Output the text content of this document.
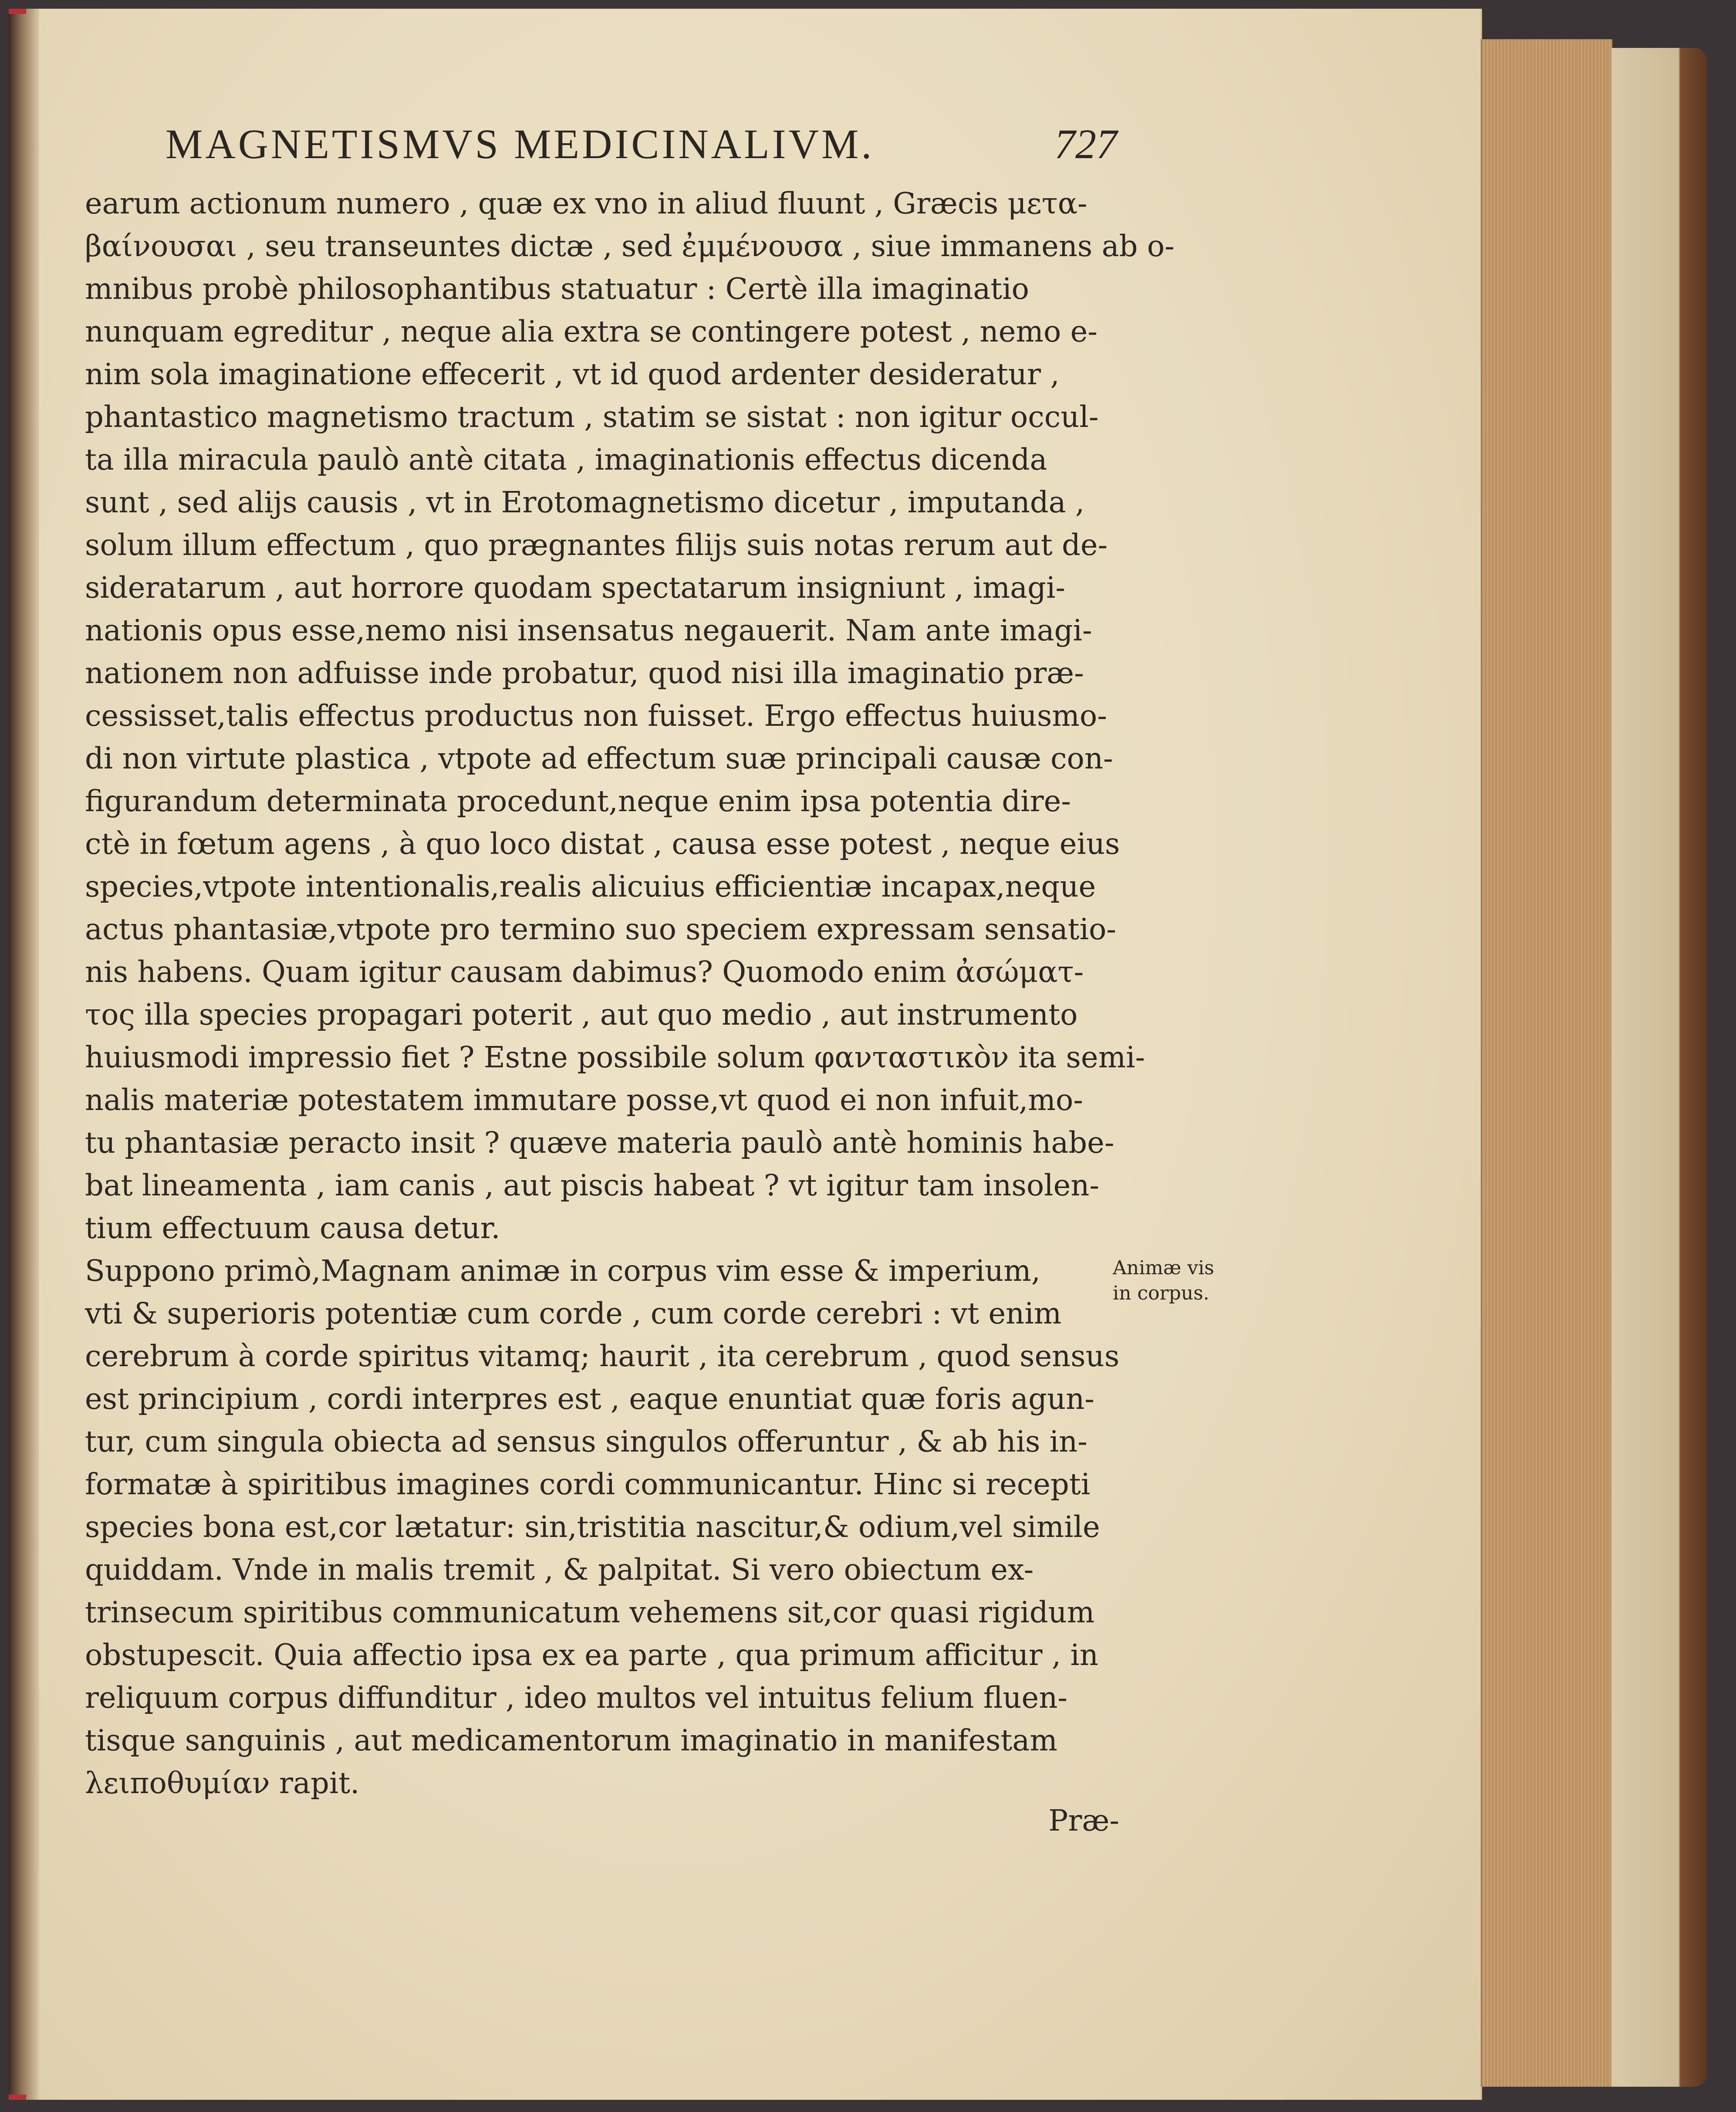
MAGNETISMVS MEDICINALIVM.	727
earum actionum numero , quæ ex vno in aliud fluunt , Græcis μετα-
βαίνουσαι , seu transeuntes dictæ , sed ἐμμένουσα , siue immanens ab o-
mnibus probè philosophantibus statuatur : Certè illa imaginatio
nunquam egreditur , neque alia extra se contingere potest , nemo e-
nim sola imaginatione effecerit , vt id quod ardenter desideratur ,
phantastico magnetismo tractum , statim se sistat : non igitur occul-
ta illa miracula paulò antè citata , imaginationis effectus dicenda
sunt , sed alijs causis , vt in Erotomagnetismo dicetur , imputanda ,
solum illum effectum , quo prægnantes filijs suis notas rerum aut de-
sideratarum , aut horrore quodam spectatarum insigniunt , imagi-
nationis opus esse,nemo nisi insensatus negauerit. Nam ante imagi-
nationem non adfuisse inde probatur, quod nisi illa imaginatio præ-
cessisset,talis effectus productus non fuisset. Ergo effectus huiusmo-
di non virtute plastica , vtpote ad effectum suæ principali causæ con-
figurandum determinata procedunt,neque enim ipsa potentia dire-
ctè in fœtum agens , à quo loco distat , causa esse potest , neque eius
species,vtpote intentionalis,realis alicuius efficientiæ incapax,neque
actus phantasiæ,vtpote pro termino suo speciem expressam sensatio-
nis habens. Quam igitur causam dabimus? Quomodo enim ἀσώματ-
τος illa species propagari poterit , aut quo medio , aut instrumento
huiusmodi impressio fiet ? Estne possibile solum φανταστικὸν ita semi-
nalis materiæ potestatem immutare posse,vt quod ei non infuit,mo-
tu phantasiæ peracto insit ? quæve materia paulò antè hominis habe-
bat lineamenta , iam canis , aut piscis habeat ? vt igitur tam insolen-
tium effectuum causa detur.
Suppono primò,Magnam animæ in corpus vim esse & imperium,
vti & superioris potentiæ cum corde , cum corde cerebri : vt enim
cerebrum à corde spiritus vitamq; haurit , ita cerebrum , quod sensus
est principium , cordi interpres est , eaque enuntiat quæ foris agun-
tur, cum singula obiecta ad sensus singulos offeruntur , & ab his in-
formatæ à spiritibus imagines cordi communicantur. Hinc si recepti
species bona est,cor lætatur: sin,tristitia nascitur,& odium,vel simile
quiddam. Vnde in malis tremit , & palpitat. Si vero obiectum ex-
trinsecum spiritibus communicatum vehemens sit,cor quasi rigidum
obstupescit. Quia affectio ipsa ex ea parte , qua primum afficitur , in
reliquum corpus diffunditur , ideo multos vel intuitus felium fluen-
tisque sanguinis , aut medicamentorum imaginatio in manifestam
λειποθυμίαν rapit.
Animæ vis
in corpus.
Præ-
